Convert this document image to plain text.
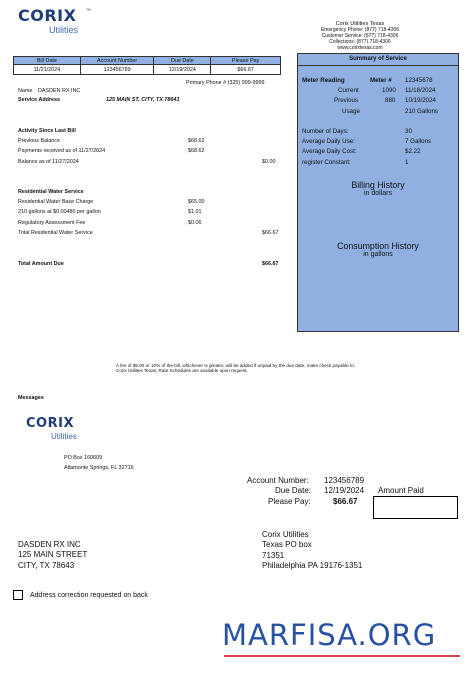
CORIX ™
Utilities
Corix Utilities Texas
Emergency Phone: (877) 718-4306
Customer Service: (877) 718-4306
Collections: (877) 718-4306
www.corixtexas.com
Bill Date	Account Number	Due Date	Please Pay
11/21/2024	123456789	12/19/2024	$66.67
Primary Phone # (325) 999-9999
Name DASDEN RX INC
Service Address	125 MAIN ST, CITY, TX 78643
Activity Since Last Bill
Previous Balance	$68.62
Payments received as of 11/27/2024	$68.62
Balance as of 11/27/2024	$0.00
Residential Water Service
Residential Water Base Charge	$65.00
210 gallons at $0.00480 per gallon	$1.01
Regulatory Assessment Fee	$0.06
Total Residential Water Service	$66.67
Total Amount Due	$66.67
Summary of Service
Meter Reading	Meter # 12345678
Current	1090 11/18/2024
Previous	880 10/19/2024
Usage	210 Gallons
Number of Days:	30
Average Daily Use:	7 Gallons
Average Daily Cost:	$2.22
register Constant:	1
Billing History
in dollars
Consumption History
in gallons
A fee of $5.00 or 10% of the bill, whichever is greater, will be added if unpaid by the due date; make check payable to: Corix Utilities Texas; Rate Schedules are available upon request.
Messages
CORIX
Utilities
PO Box 160609
Altamonte Springs, FL 32716
Account Number: 123456789
Due Date: 12/19/2024 Amount Paid
Please Pay:	$66.67
DASDEN RX INC
125 MAIN STREET
CITY, TX 78643
Corix Utilities
Texas PO box
71351
Philadelphia PA 19176-1351
Address correction requested on back
MARFISA.ORG
